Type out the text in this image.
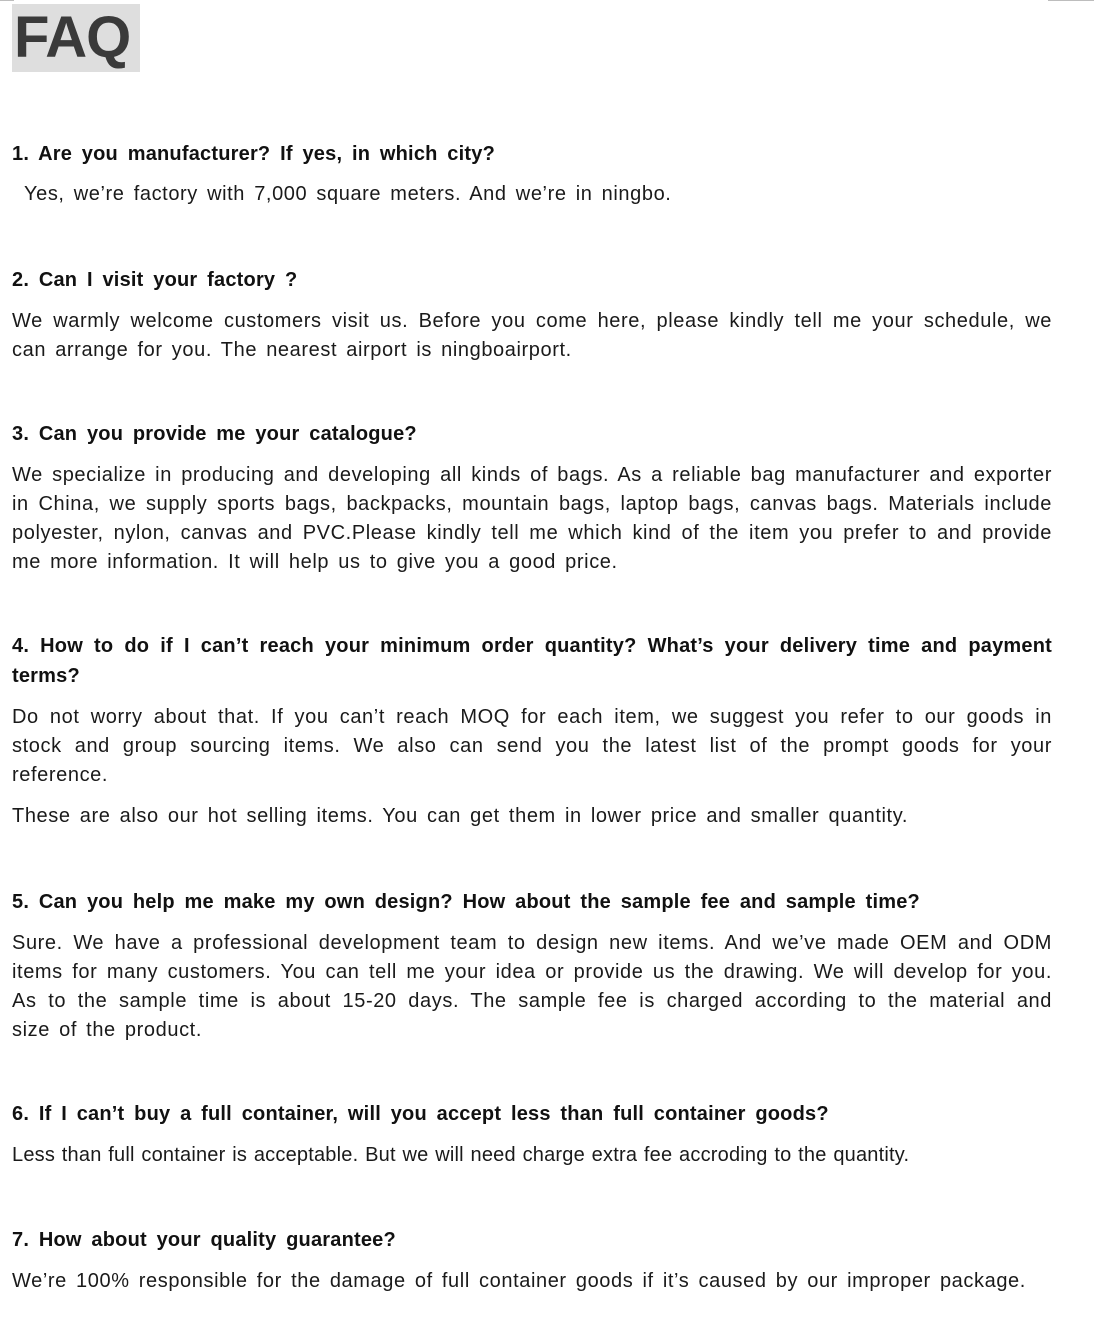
FAQ
1. Are you manufacturer? If yes, in which city?
Yes, we’re factory with 7,000 square meters. And we’re in ningbo.
2. Can I visit your factory ?
We warmly welcome customers visit us. Before you come here, please kindly tell me your schedule, we can arrange for you. The nearest airport is ningboairport.
3. Can you provide me your catalogue?
We specialize in producing and developing all kinds of bags. As a reliable bag manufacturer and exporter in China, we supply sports bags, backpacks, mountain bags, laptop bags, canvas bags. Materials include polyester, nylon, canvas and PVC.Please kindly tell me which kind of the item you prefer to and provide me more information. It will help us to give you a good price.
4. How to do if I can’t reach your minimum order quantity? What’s your delivery time and payment terms?
Do not worry about that. If you can’t reach MOQ for each item, we suggest you refer to our goods in stock and group sourcing items. We also can send you the latest list of the prompt goods for your reference.
These are also our hot selling items. You can get them in lower price and smaller quantity.
5. Can you help me make my own design? How about the sample fee and sample time?
Sure. We have a professional development team to design new items. And we’ve made OEM and ODM items for many customers. You can tell me your idea or provide us the drawing. We will develop for you. As to the sample time is about 15-20 days. The sample fee is charged according to the material and size of the product.
6. If I can’t buy a full container, will you accept less than full container goods?
Less than full container is acceptable. But we will need charge extra fee accroding to the quantity.
7. How about your quality guarantee?
We’re 100% responsible for the damage of full container goods if it’s caused by our improper package.
